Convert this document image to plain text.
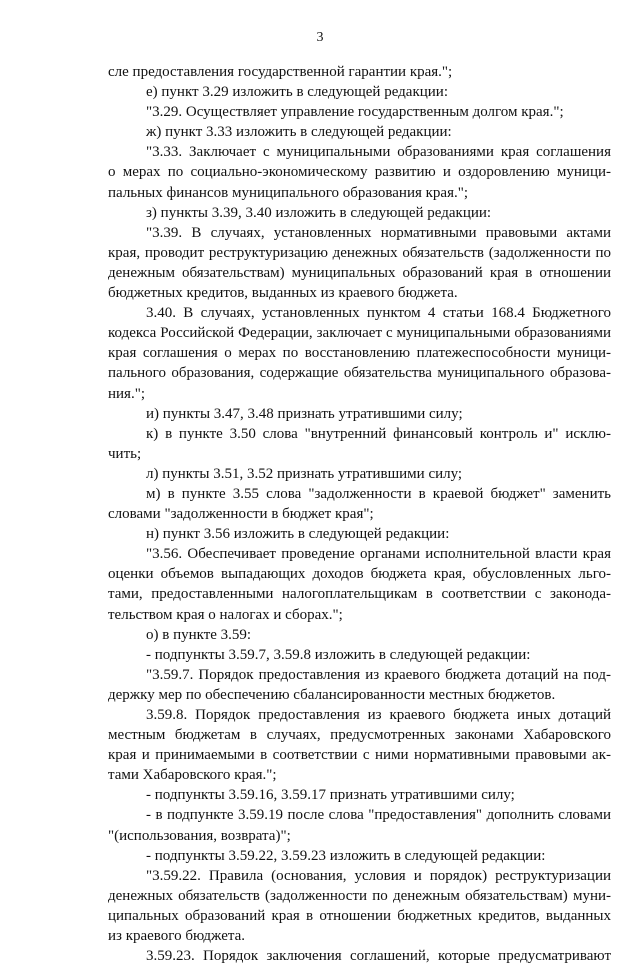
3
сле предоставления государственной гарантии края.";
е) пункт 3.29 изложить в следующей редакции:
"3.29. Осуществляет управление государственным долгом края.";
ж) пункт 3.33 изложить в следующей редакции:
"3.33. Заключает с муниципальными образованиями края соглашения
о мерах по социально-экономическому развитию и оздоровлению муници-
пальных финансов муниципального образования края.";
з) пункты 3.39, 3.40 изложить в следующей редакции:
"3.39. В случаях, установленных нормативными правовыми актами
края, проводит реструктуризацию денежных обязательств (задолженности по
денежным обязательствам) муниципальных образований края в отношении
бюджетных кредитов, выданных из краевого бюджета.
3.40. В случаях, установленных пунктом 4 статьи 168.4 Бюджетного
кодекса Российской Федерации, заключает с муниципальными образованиями
края соглашения о мерах по восстановлению платежеспособности муници-
пального образования, содержащие обязательства муниципального образова-
ния.";
и) пункты 3.47, 3.48 признать утратившими силу;
к) в пункте 3.50 слова "внутренний финансовый контроль и" исклю-
чить;
л) пункты 3.51, 3.52 признать утратившими силу;
м) в пункте 3.55 слова "задолженности в краевой бюджет" заменить
словами "задолженности в бюджет края";
н) пункт 3.56 изложить в следующей редакции:
"3.56. Обеспечивает проведение органами исполнительной власти края
оценки объемов выпадающих доходов бюджета края, обусловленных льго-
тами, предоставленными налогоплательщикам в соответствии с законода-
тельством края о налогах и сборах.";
о) в пункте 3.59:
- подпункты 3.59.7, 3.59.8 изложить в следующей редакции:
"3.59.7. Порядок предоставления из краевого бюджета дотаций на под-
держку мер по обеспечению сбалансированности местных бюджетов.
3.59.8. Порядок предоставления из краевого бюджета иных дотаций
местным бюджетам в случаях, предусмотренных законами Хабаровского
края и принимаемыми в соответствии с ними нормативными правовыми ак-
тами Хабаровского края.";
- подпункты 3.59.16, 3.59.17 признать утратившими силу;
- в подпункте 3.59.19 после слова "предоставления" дополнить словами
"(использования, возврата)";
- подпункты 3.59.22, 3.59.23 изложить в следующей редакции:
"3.59.22. Правила (основания, условия и порядок) реструктуризации
денежных обязательств (задолженности по денежным обязательствам) муни-
ципальных образований края в отношении бюджетных кредитов, выданных
из краевого бюджета.
3.59.23. Порядок заключения соглашений, которые предусматривают
